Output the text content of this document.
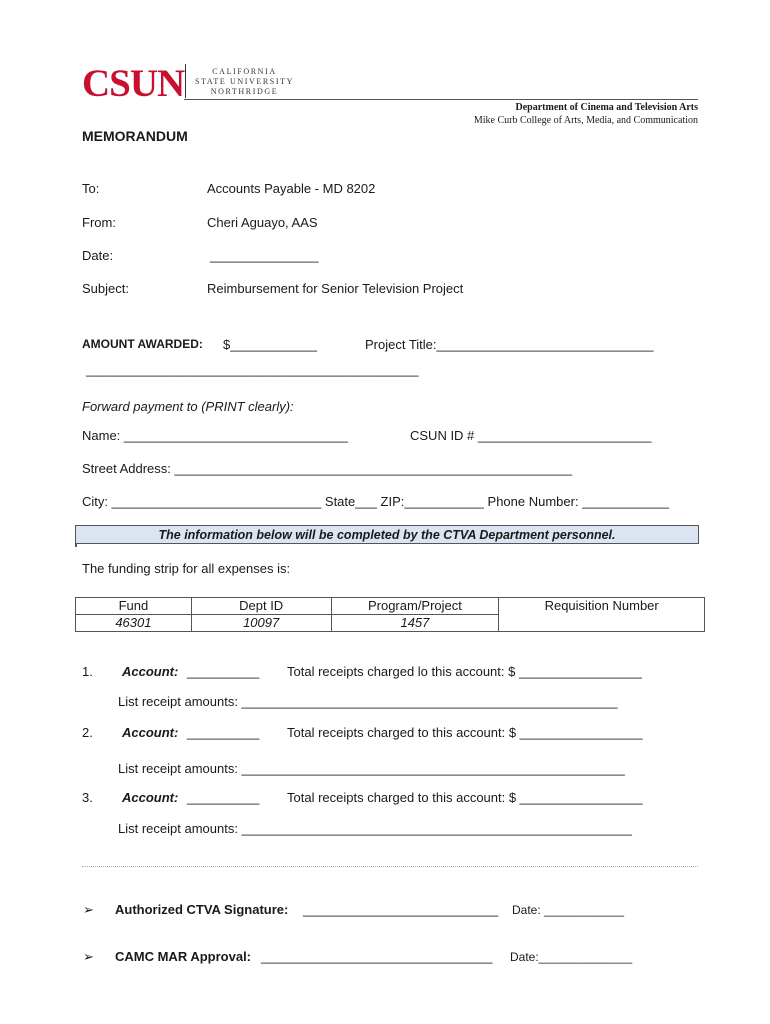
CSUN	CALIFORNIA
STATE UNIVERSITY
NORTHRIDGE
Department of Cinema and Television Arts
Mike Curb College of Arts, Media, and Communication
MEMORANDUM
To:	Accounts Payable - MD 8202
From:	Cheri Aguayo, AAS
Date:	_______________
Subject:	Reimbursement for Senior Television Project
AMOUNT AWARDED: $____________	Project Title:______________________________
______________________________________________
Forward payment to (PRINT clearly):
Name: _______________________________	CSUN ID # ________________________
Street Address: _______________________________________________________
City: _____________________________ State___ ZIP:___________ Phone Number: ____________
The information below will be completed by the CTVA Department personnel.
The funding strip for all expenses is:
Fund	Dept ID	Program/Project	Requisition Number
46301	10097	1457	
1. Account: __________ Total receipts charged lo this account: $ _________________
List receipt amounts: ____________________________________________________
2. Account: __________ Total receipts charged to this account: $ _________________
List receipt amounts: _____________________________________________________
3. Account: __________ Total receipts charged to this account: $ _________________
List receipt amounts: ______________________________________________________
➢ Authorized CTVA Signature: ___________________________ Date: ____________
➢ CAMC MAR Approval: ________________________________ Date:______________
